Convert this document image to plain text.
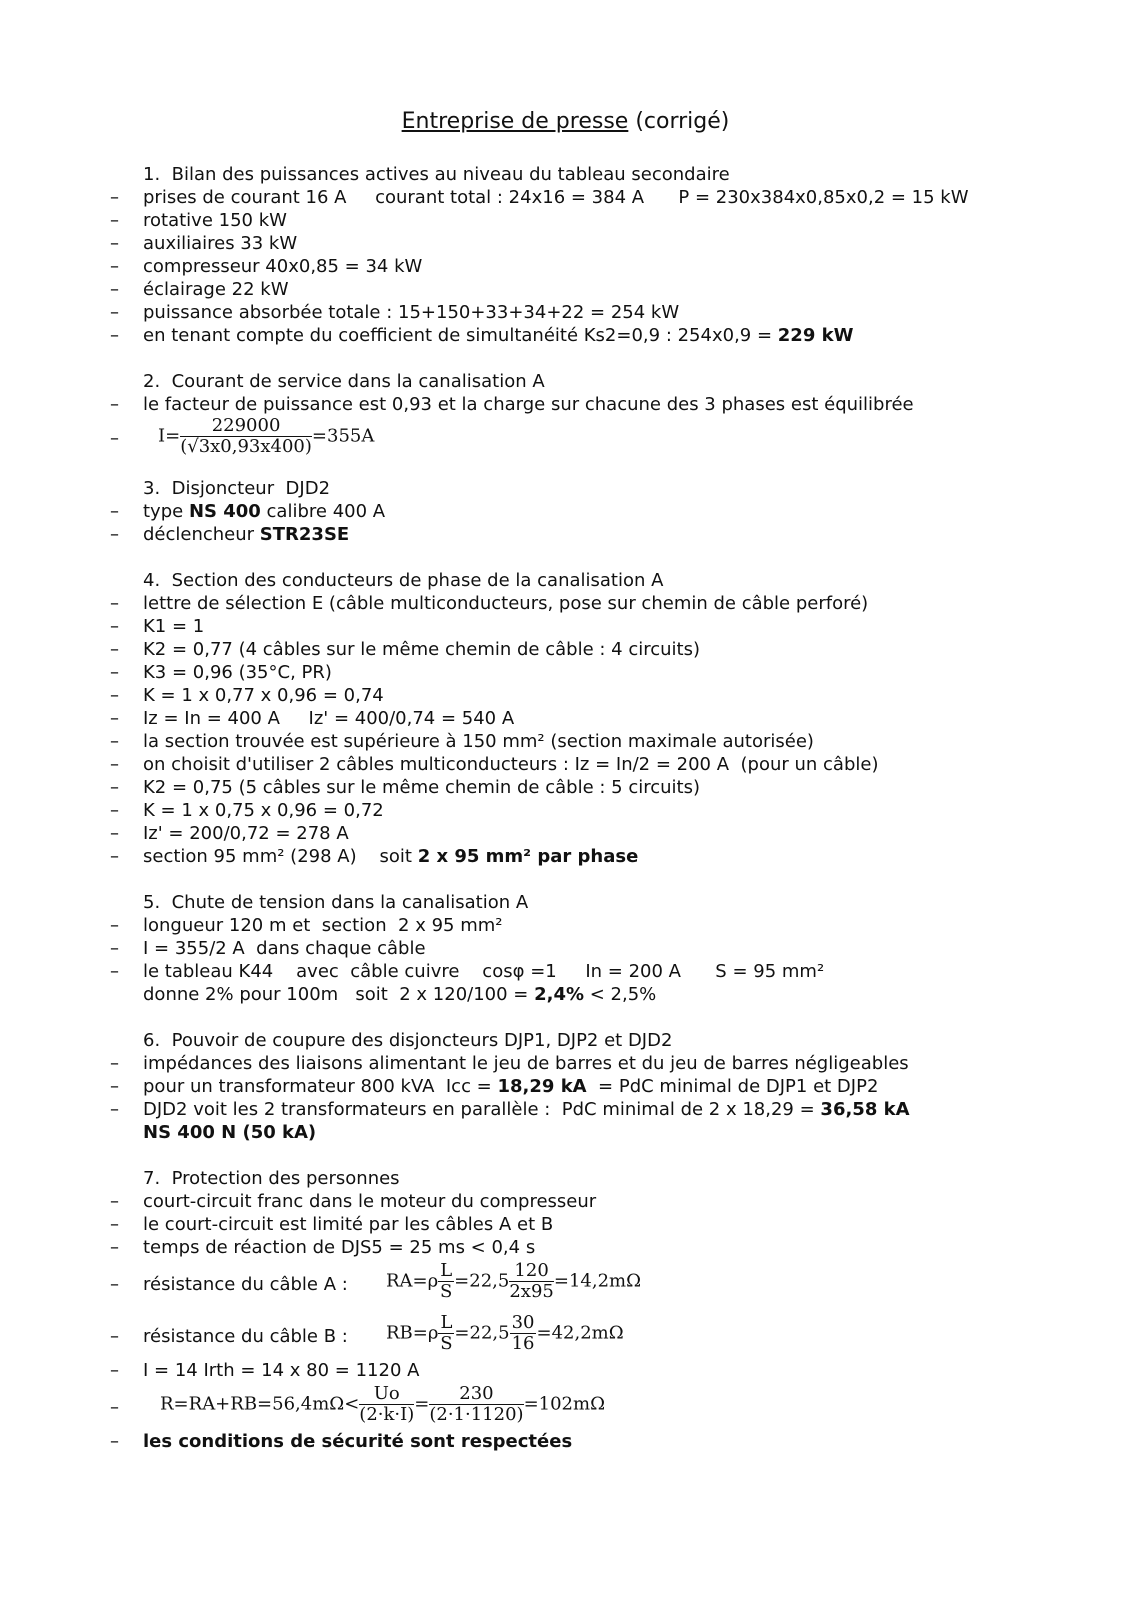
Entreprise de presse (corrigé)
1.  Bilan des puissances actives au niveau du tableau secondaire
– prises de courant 16 A     courant total : 24x16 = 384 A      P = 230x384x0,85x0,2 = 15 kW
– rotative 150 kW
– auxiliaires 33 kW
– compresseur 40x0,85 = 34 kW
– éclairage 22 kW
– puissance absorbée totale : 15+150+33+34+22 = 254 kW
– en tenant compte du coefficient de simultanéité Ks2=0,9 : 254x0,9 = 229 kW
2.  Courant de service dans la canalisation A
– le facteur de puissance est 0,93 et la charge sur chacune des 3 phases est équilibrée
– $I= \frac{229000}{(√3x0,93x400)} =355A$
3.  Disjoncteur  DJD2
– type NS 400 calibre 400 A
– déclencheur STR23SE
4.  Section des conducteurs de phase de la canalisation A
– lettre de sélection E (câble multiconducteurs, pose sur chemin de câble perforé)
– K1 = 1
– K2 = 0,77 (4 câbles sur le même chemin de câble : 4 circuits)
– K3 = 0,96 (35°C, PR)
– K = 1 x 0,77 x 0,96 = 0,74
– Iz = In = 400 A     Iz' = 400/0,74 = 540 A
– la section trouvée est supérieure à 150 mm² (section maximale autorisée)
– on choisit d'utiliser 2 câbles multiconducteurs : Iz = In/2 = 200 A  (pour un câble)
– K2 = 0,75 (5 câbles sur le même chemin de câble : 5 circuits)
– K = 1 x 0,75 x 0,96 = 0,72
– Iz' = 200/0,72 = 278 A
– section 95 mm² (298 A)    soit 2 x 95 mm² par phase
5.  Chute de tension dans la canalisation A
– longueur 120 m et  section  2 x 95 mm²
– I = 355/2 A  dans chaque câble
– le tableau K44    avec  câble cuivre    cosφ =1     In = 200 A      S = 95 mm²
donne 2% pour 100m   soit  2 x 120/100 = 2,4% < 2,5%
6.  Pouvoir de coupure des disjoncteurs DJP1, DJP2 et DJD2
– impédances des liaisons alimentant le jeu de barres et du jeu de barres négligeables
– pour un transformateur 800 kVA  Icc = 18,29 kA  = PdC minimal de DJP1 et DJP2
– DJD2 voit les 2 transformateurs en parallèle :  PdC minimal de 2 x 18,29 = 36,58 kA
NS 400 N (50 kA)
7.  Protection des personnes
– court-circuit franc dans le moteur du compresseur
– le court-circuit est limité par les câbles A et B
– temps de réaction de DJS5 = 25 ms < 0,4 s
– résistance du câble A : $RA=\rho \frac{L}{S} =22,5 \frac{120}{2x95} =14,2m\Omega$
– résistance du câble B : $RB=\rho \frac{L}{S} =22,5 \frac{30}{16} =42,2m\Omega$
– I = 14 Irth = 14 x 80 = 1120 A
– $R=RA+RB=56,4m\Omega< \frac{Uo}{(2\cdot k\cdot I)} = \frac{230}{(2\cdot 1\cdot 1120)} =102m\Omega$
– les conditions de sécurité sont respectées
